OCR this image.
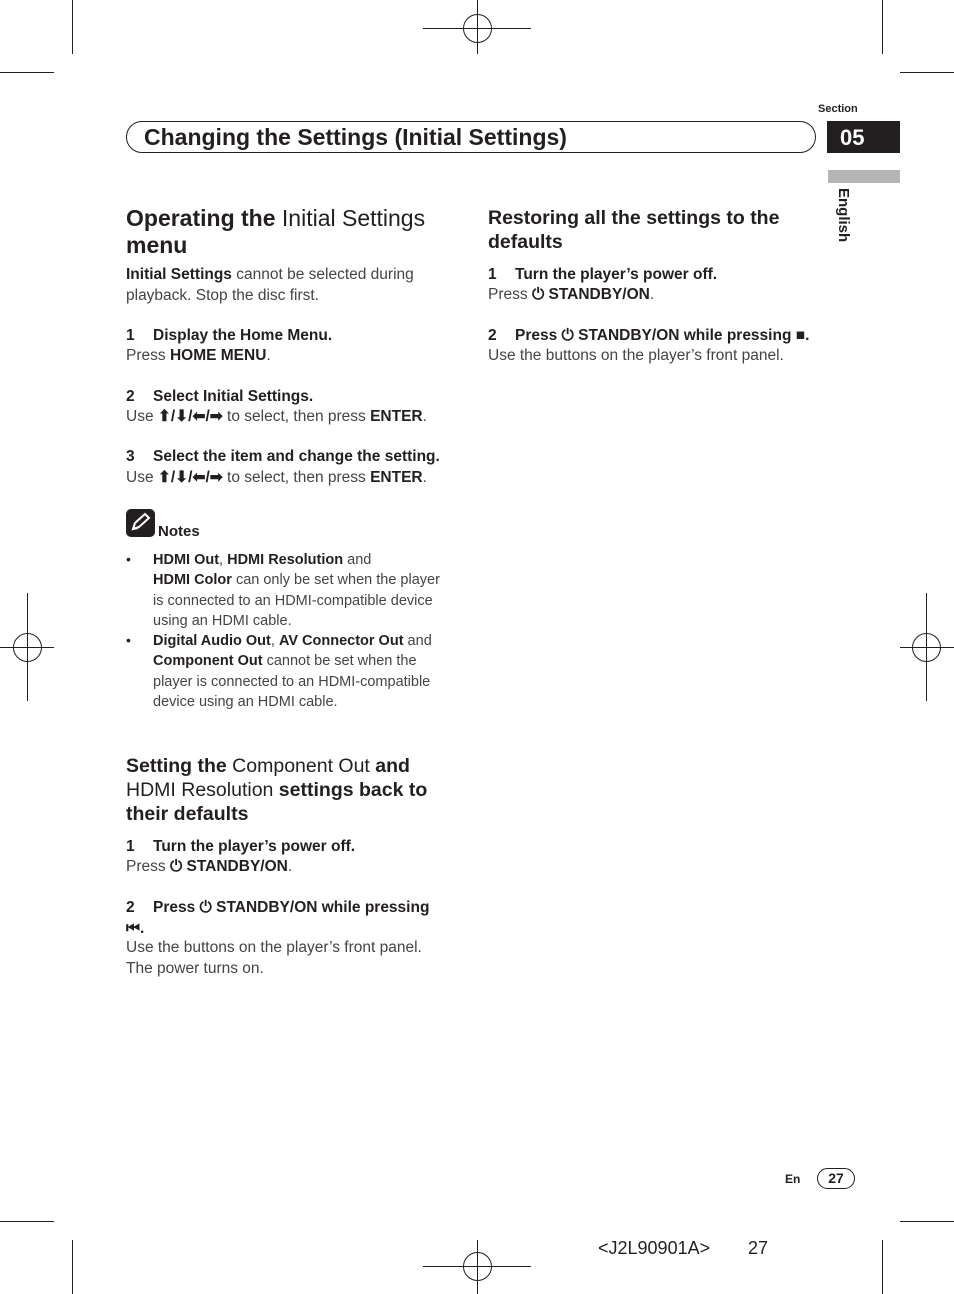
Section
05
Changing the Settings (Initial Settings)
English
Operating the Initial Settings
menu
Initial Settings cannot be selected during
playback. Stop the disc first.
1 Display the Home Menu.
Press HOME MENU.
2 Select Initial Settings.
Use ⬆/⬇/⬅/➡ to select, then press ENTER.
3 Select the item and change the setting.
Use ⬆/⬇/⬅/➡ to select, then press ENTER.
Notes
• HDMI Out, HDMI Resolution and
HDMI Color can only be set when the player
is connected to an HDMI-compatible device
using an HDMI cable.
• Digital Audio Out, AV Connector Out and
Component Out cannot be set when the
player is connected to an HDMI-compatible
device using an HDMI cable.
Setting the Component Out and
HDMI Resolution settings back to
their defaults
1 Turn the player’s power off.
Press ⏻ STANDBY/ON.
2 Press ⏻ STANDBY/ON while pressing
⏮.
Use the buttons on the player’s front panel.
The power turns on.
Restoring all the settings to the
defaults
1 Turn the player’s power off.
Press ⏻ STANDBY/ON.
2 Press ⏻ STANDBY/ON while pressing ■.
Use the buttons on the player’s front panel.
En	27
<J2L90901A> 27
